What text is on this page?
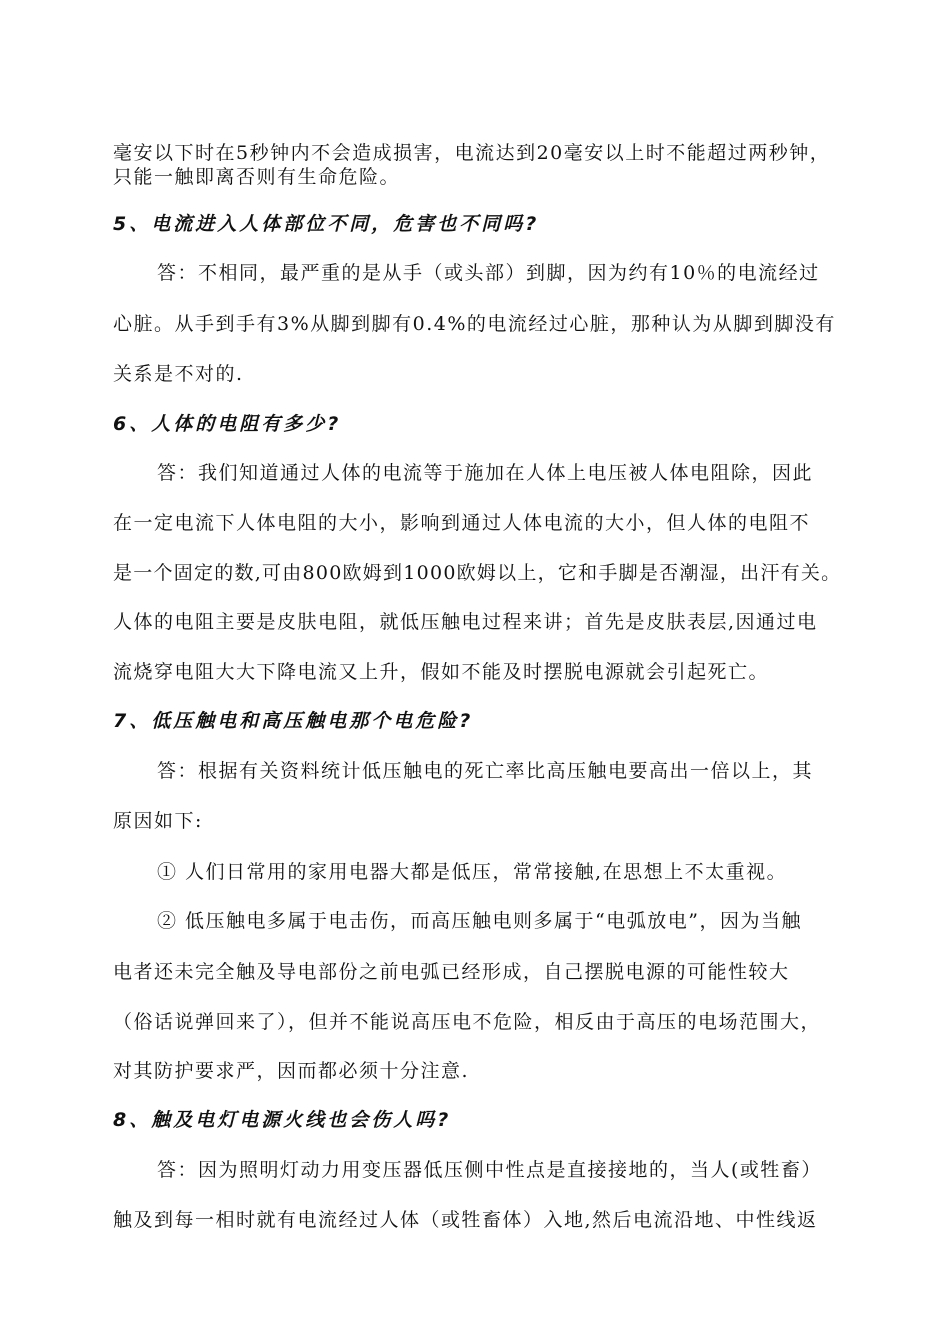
毫安以下时在5秒钟内不会造成损害，电流达到20毫安以上时不能超过两秒钟，
只能一触即离否则有生命危险。
5、电流进入人体部位不同，危害也不同吗?
答：不相同，最严重的是从手（或头部）到脚，因为约有10％的电流经过
心脏。从手到手有3%从脚到脚有0.4%的电流经过心脏，那种认为从脚到脚没有
关系是不对的.
6、人体的电阻有多少?
答：我们知道通过人体的电流等于施加在人体上电压被人体电阻除，因此
在一定电流下人体电阻的大小，影响到通过人体电流的大小，但人体的电阻不
是一个固定的数,可由800欧姆到1000欧姆以上，它和手脚是否潮湿，出汗有关。
人体的电阻主要是皮肤电阻，就低压触电过程来讲；首先是皮肤表层,因通过电
流烧穿电阻大大下降电流又上升，假如不能及时摆脱电源就会引起死亡。
7、低压触电和高压触电那个电危险?
答：根据有关资料统计低压触电的死亡率比高压触电要高出一倍以上，其
原因如下:
① 人们日常用的家用电器大都是低压，常常接触,在思想上不太重视。
② 低压触电多属于电击伤，而高压触电则多属于“电弧放电”，因为当触
电者还未完全触及导电部份之前电弧已经形成，自己摆脱电源的可能性较大
（俗话说弹回来了），但并不能说高压电不危险，相反由于高压的电场范围大，
对其防护要求严，因而都必须十分注意.
8、触及电灯电源火线也会伤人吗?
答：因为照明灯动力用变压器低压侧中性点是直接接地的，当人(或牲畜）
触及到每一相时就有电流经过人体（或牲畜体）入地,然后电流沿地、中性线返
